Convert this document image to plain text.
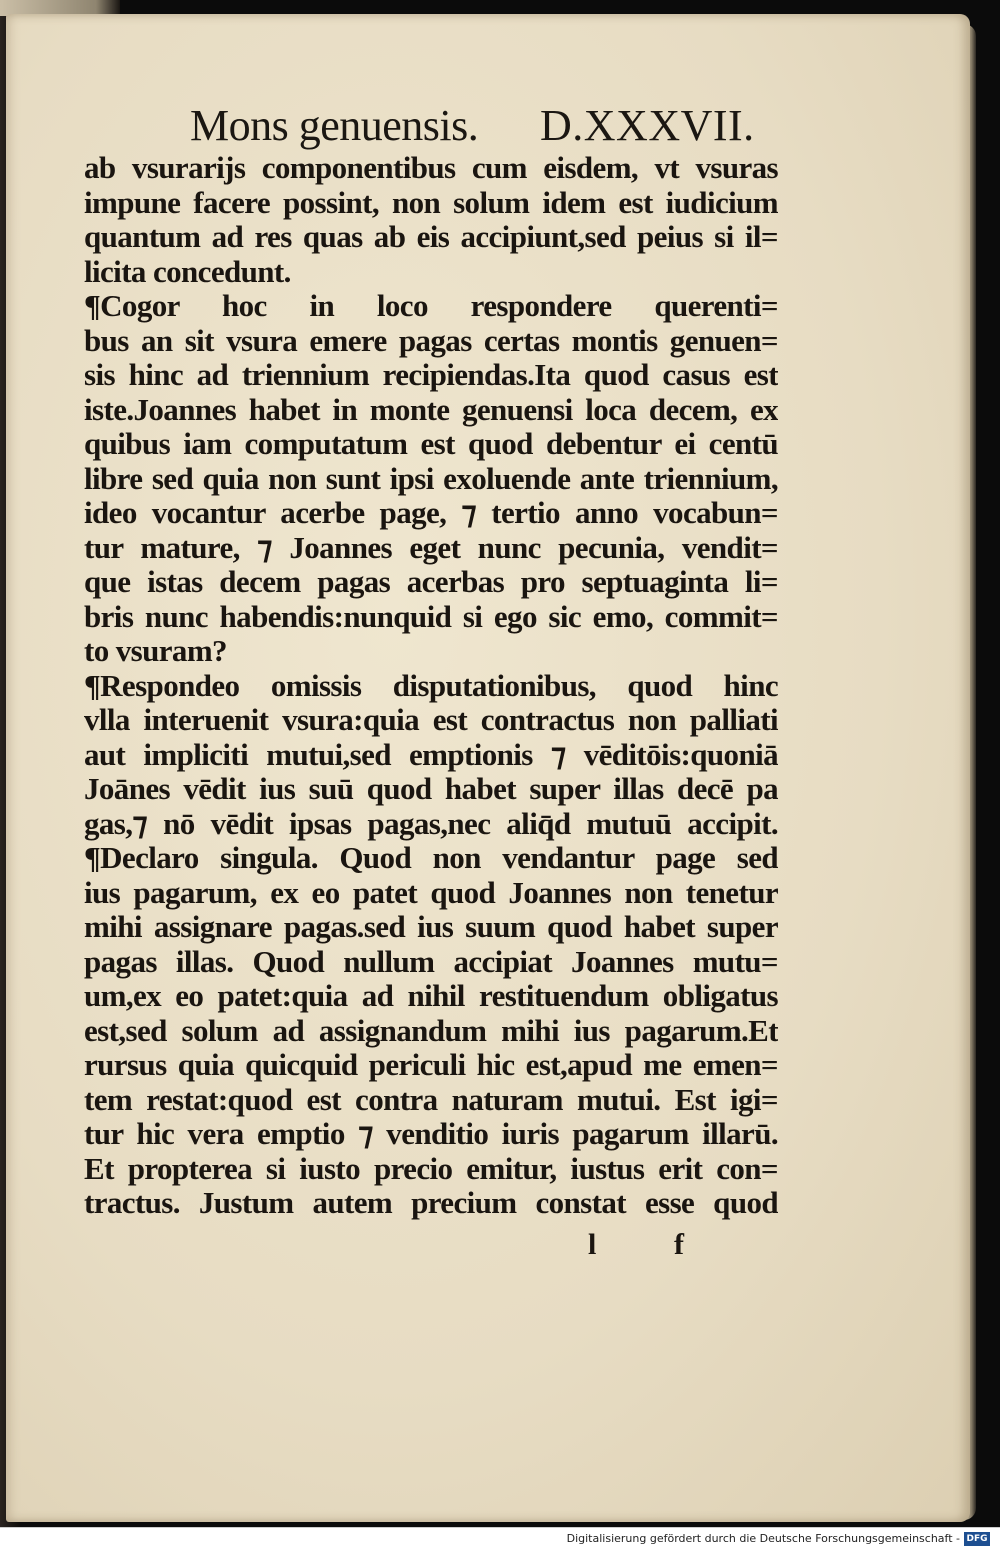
Mons genuensis. D.XXXVII.
ab vsurarijs componentibus cum eisdem, vt vsuras
impune facere possint, non solum idem est iudicium
quantum ad res quas ab eis accipiunt,sed peius si il=
licita concedunt.
¶Cogor hoc in loco respondere querenti=
bus an sit vsura emere pagas certas montis genuen=
sis hinc ad triennium recipiendas.Ita quod casus est
iste.Joannes habet in monte genuensi loca decem, ex
quibus iam computatum est quod debentur ei centū
libre sed quia non sunt ipsi exoluende ante triennium,
ideo vocantur acerbe page, ⁊ tertio anno vocabun=
tur mature, ⁊ Joannes eget nunc pecunia, vendit=
que istas decem pagas acerbas pro septuaginta li=
bris nunc habendis:nunquid si ego sic emo, commit=
to vsuram?
¶Respondeo omissis disputationibus, quod hinc
vlla interuenit vsura:quia est contractus non palliati
aut impliciti mutui,sed emptionis ⁊ vēditōis:quoniā
Joānes vēdit ius suū quod habet super illas decē pa
gas,⁊ nō vēdit ipsas pagas,nec aliq̄d mutuū accipit.
¶Declaro singula. Quod non vendantur page sed
ius pagarum, ex eo patet quod Joannes non tenetur
mihi assignare pagas.sed ius suum quod habet super
pagas illas. Quod nullum accipiat Joannes mutu=
um,ex eo patet:quia ad nihil restituendum obligatus
est,sed solum ad assignandum mihi ius pagarum.Et
rursus quia quicquid periculi hic est,apud me emen=
tem restat:quod est contra naturam mutui. Est igi=
tur hic vera emptio ⁊ venditio iuris pagarum illarū.
Et propterea si iusto precio emitur, iustus erit con=
tractus. Justum autem precium constat esse quod
l	f
Digitalisierung gefördert durch die Deutsche Forschungsgemeinschaft - DFG
